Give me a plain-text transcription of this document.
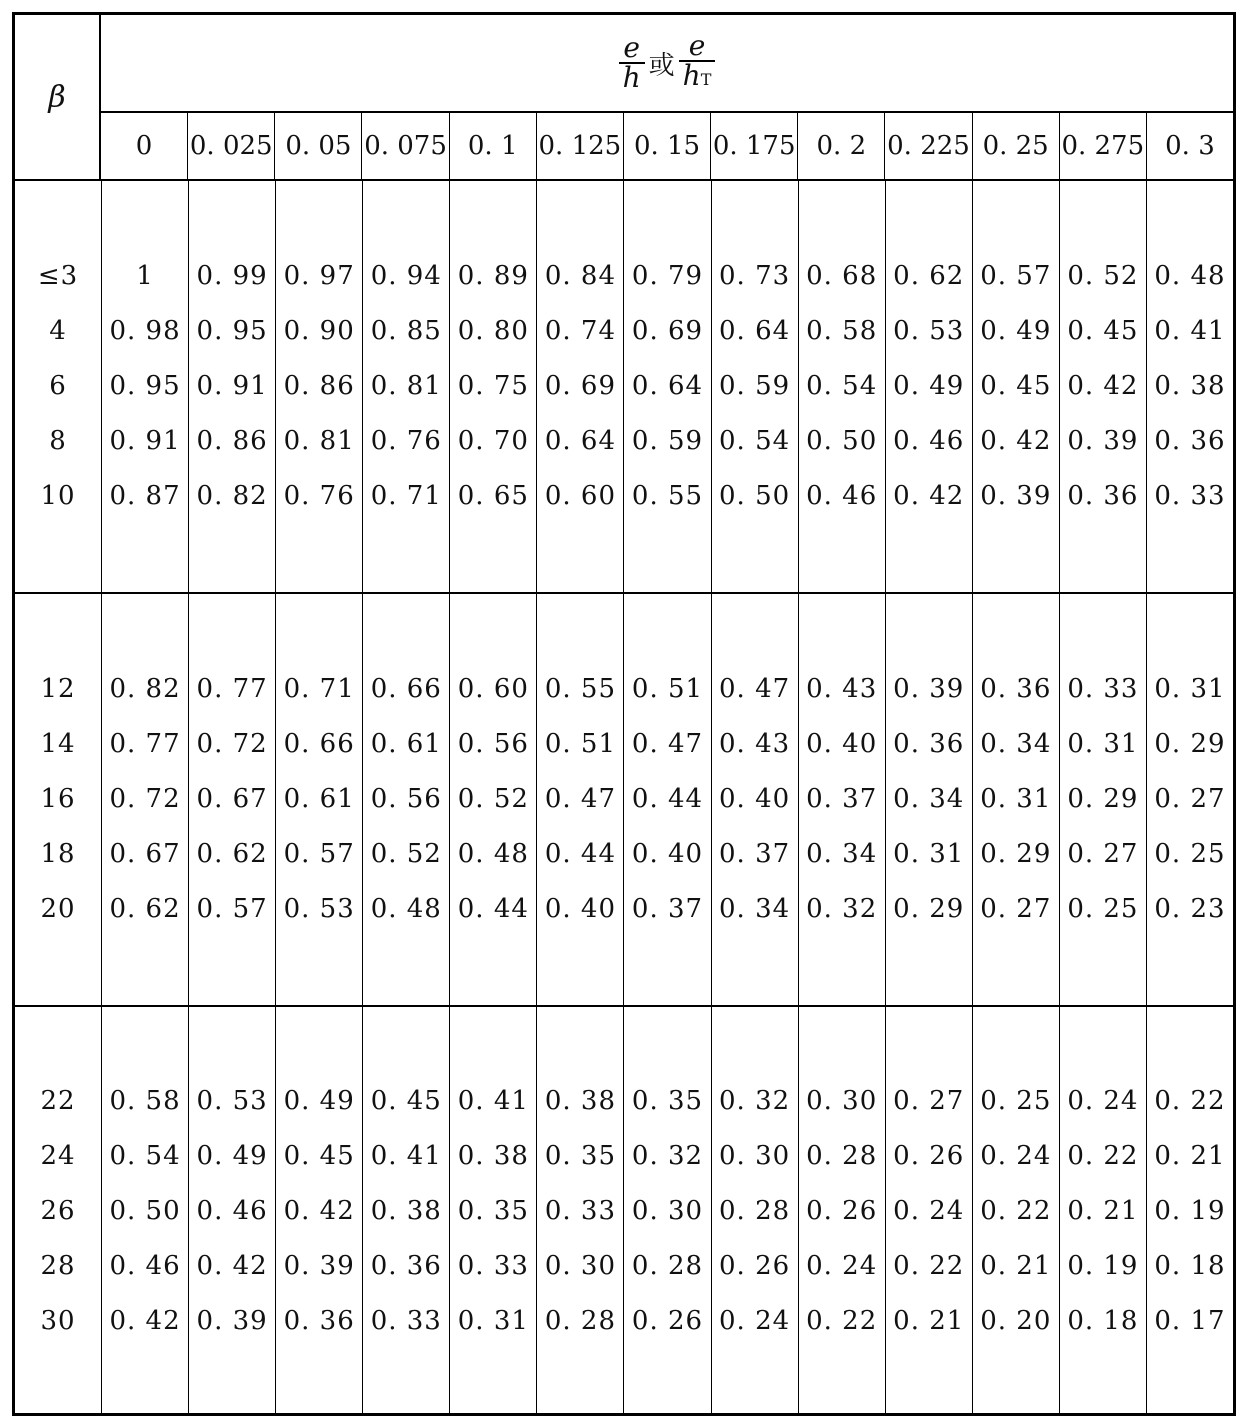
β
$\frac{e}{h}$ 或 $\frac{e}{hT}$
0	0. 025 0. 05 0. 075 0. 1 0. 125 0. 15 0. 175 0. 2 0. 225 0. 25 0. 275 0. 3
≤3
4
6
8
10
1
0. 98
0. 95
0. 91
0. 87
0. 99
0. 95
0. 91
0. 86
0. 82
0. 97
0. 90
0. 86
0. 81
0. 76
0. 94
0. 85
0. 81
0. 76
0. 71
0. 89
0. 80
0. 75
0. 70
0. 65
0. 84
0. 74
0. 69
0. 64
0. 60
0. 79
0. 69
0. 64
0. 59
0. 55
0. 73
0. 64
0. 59
0. 54
0. 50
0. 68
0. 58
0. 54
0. 50
0. 46
0. 62
0. 53
0. 49
0. 46
0. 42
0. 57
0. 49
0. 45
0. 42
0. 39
0. 52
0. 45
0. 42
0. 39
0. 36
0. 48
0. 41
0. 38
0. 36
0. 33
12
14
16
18
20
0. 82
0. 77
0. 72
0. 67
0. 62
0. 77
0. 72
0. 67
0. 62
0. 57
0. 71
0. 66
0. 61
0. 57
0. 53
0. 66
0. 61
0. 56
0. 52
0. 48
0. 60
0. 56
0. 52
0. 48
0. 44
0. 55
0. 51
0. 47
0. 44
0. 40
0. 51
0. 47
0. 44
0. 40
0. 37
0. 47
0. 43
0. 40
0. 37
0. 34
0. 43
0. 40
0. 37
0. 34
0. 32
0. 39
0. 36
0. 34
0. 31
0. 29
0. 36
0. 34
0. 31
0. 29
0. 27
0. 33
0. 31
0. 29
0. 27
0. 25
0. 31
0. 29
0. 27
0. 25
0. 23
22
24
26
28
30
0. 58
0. 54
0. 50
0. 46
0. 42
0. 53
0. 49
0. 46
0. 42
0. 39
0. 49
0. 45
0. 42
0. 39
0. 36
0. 45
0. 41
0. 38
0. 36
0. 33
0. 41
0. 38
0. 35
0. 33
0. 31
0. 38
0. 35
0. 33
0. 30
0. 28
0. 35
0. 32
0. 30
0. 28
0. 26
0. 32
0. 30
0. 28
0. 26
0. 24
0. 30
0. 28
0. 26
0. 24
0. 22
0. 27
0. 26
0. 24
0. 22
0. 21
0. 25
0. 24
0. 22
0. 21
0. 20
0. 24
0. 22
0. 21
0. 19
0. 18
0. 22
0. 21
0. 19
0. 18
0. 17
